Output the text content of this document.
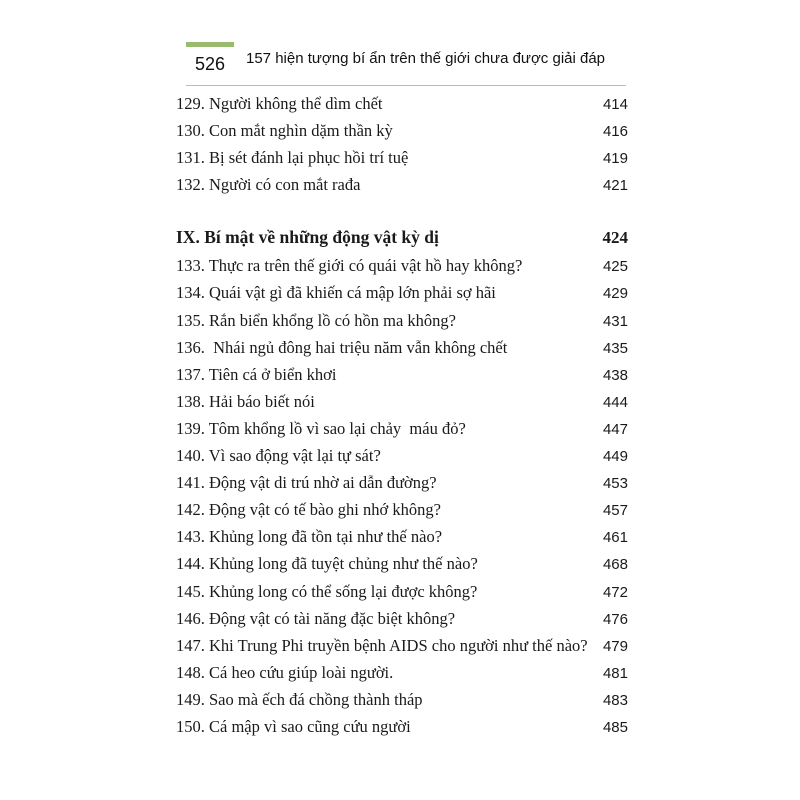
526	157 hiện tượng bí ẩn trên thế giới chưa được giải đáp
129. Người không thể dìm chết	414
130. Con mắt nghìn dặm thần kỳ	416
131. Bị sét đánh lại phục hồi trí tuệ	419
132. Người có con mắt rađa	421
IX. Bí mật về những động vật kỳ dị	424
133. Thực ra trên thế giới có quái vật hồ hay không?	425
134. Quái vật gì đã khiến cá mập lớn phải sợ hãi	429
135. Rắn biển khổng lồ có hồn ma không?	431
136.  Nhái ngủ đông hai triệu năm vẫn không chết	435
137. Tiên cá ở biển khơi	438
138. Hải báo biết nói	444
139. Tôm khổng lồ vì sao lại chảy  máu đỏ?	447
140. Vì sao động vật lại tự sát?	449
141. Động vật di trú nhờ ai dẫn đường?	453
142. Động vật có tế bào ghi nhớ không?	457
143. Khủng long đã tồn tại như thế nào?	461
144. Khủng long đã tuyệt chủng như thế nào?	468
145. Khủng long có thể sống lại được không?	472
146. Động vật có tài năng đặc biệt không?	476
147. Khi Trung Phi truyền bệnh AIDS cho người như thế nào? 479
148. Cá heo cứu giúp loài người.	481
149. Sao mà ếch đá chồng thành tháp	483
150. Cá mập vì sao cũng cứu người	485
